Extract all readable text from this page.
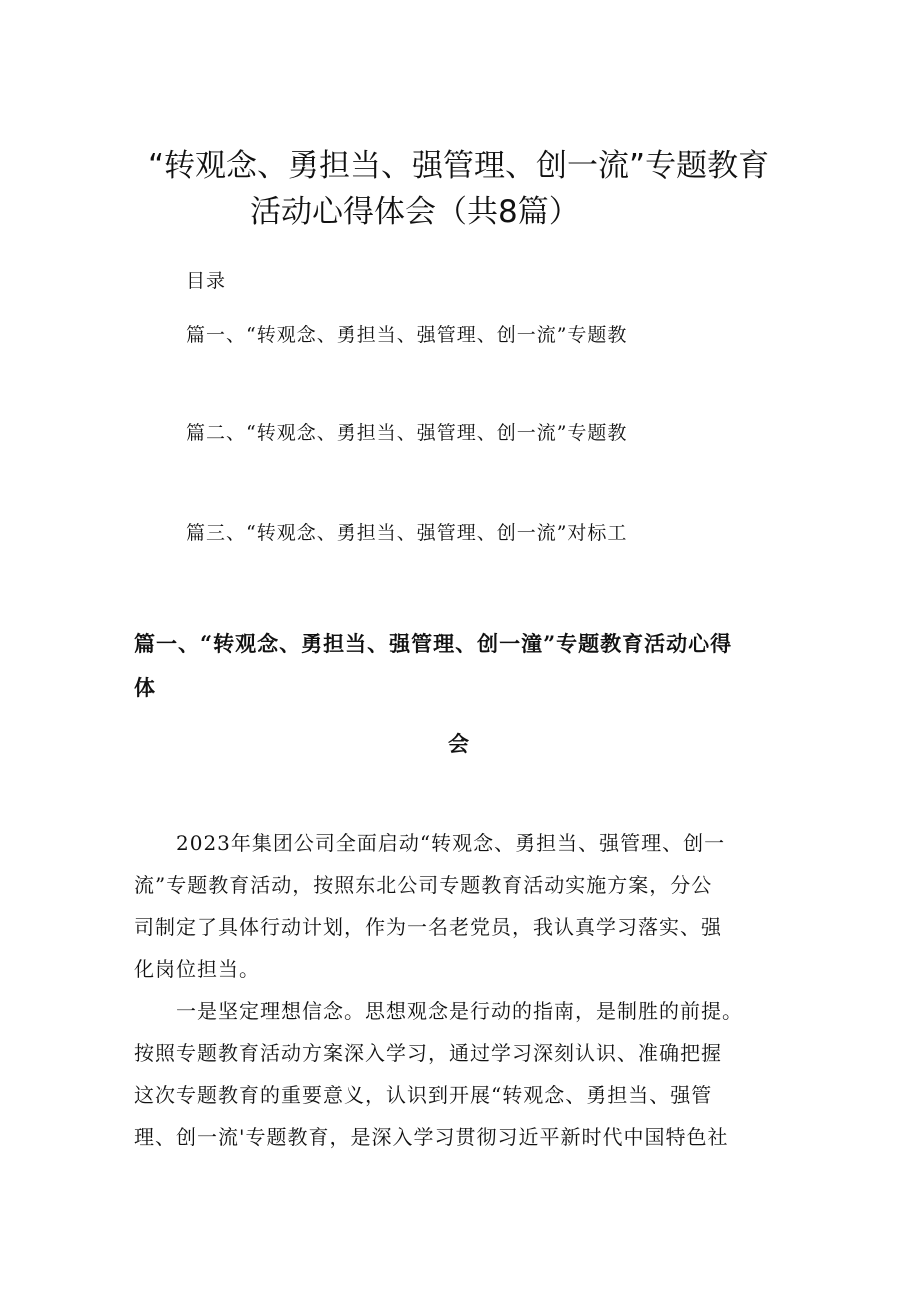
“转观念、勇担当、强管理、创一流”专题教育
活动心得体会（共8篇）
目录
篇一、“转观念、勇担当、强管理、创一流”专题教
篇二、“转观念、勇担当、强管理、创一流”专题教
篇三、“转观念、勇担当、强管理、创一流”对标工
篇一、“转观念、勇担当、强管理、创一潼”专题教育活动心得
体
会
　　2023年集团公司全面启动“转观念、勇担当、强管理、创一
流”专题教育活动，按照东北公司专题教育活动实施方案，分公
司制定了具体行动计划，作为一名老党员，我认真学习落实、强
化岗位担当。
　　一是坚定理想信念。思想观念是行动的指南，是制胜的前提。
按照专题教育活动方案深入学习，通过学习深刻认识、准确把握
这次专题教育的重要意义，认识到开展“转观念、勇担当、强管
理、创一流'专题教育，是深入学习贯彻习近平新时代中国特色社
